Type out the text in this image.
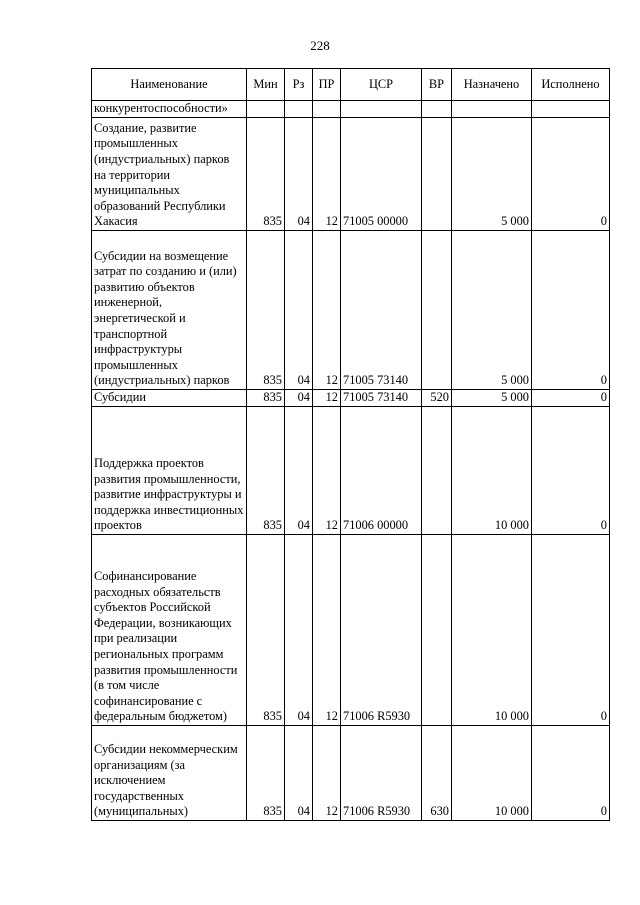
228
Наименование	Мин	Рз	ПР	ЦСР	ВР	Назначено	Исполнено
конкурентоспособности»							
Создание, развитие промышленных (индустриальных) парков на территории муниципальных образований Республики Хакасия	835	04	12	71005 00000		5 000	0
Субсидии на возмещение затрат по созданию и (или) развитию объектов инженерной, энергетической и транспортной инфраструктуры промышленных (индустриальных) парков	835	04	12	71005 73140		5 000	0
Субсидии	835	04	12	71005 73140	520	5 000	0
Поддержка проектов развития промышленности, развитие инфраструктуры и поддержка инвестиционных проектов	835	04	12	71006 00000		10 000	0
Софинансирование расходных обязательств субъектов Российской Федерации, возникающих при реализации региональных программ развития промышленности (в том числе софинансирование с федеральным бюджетом)	835	04	12	71006 R5930		10 000	0
Субсидии некоммерческим организациям (за исключением государственных (муниципальных)	835	04	12	71006 R5930	630	10 000	0
